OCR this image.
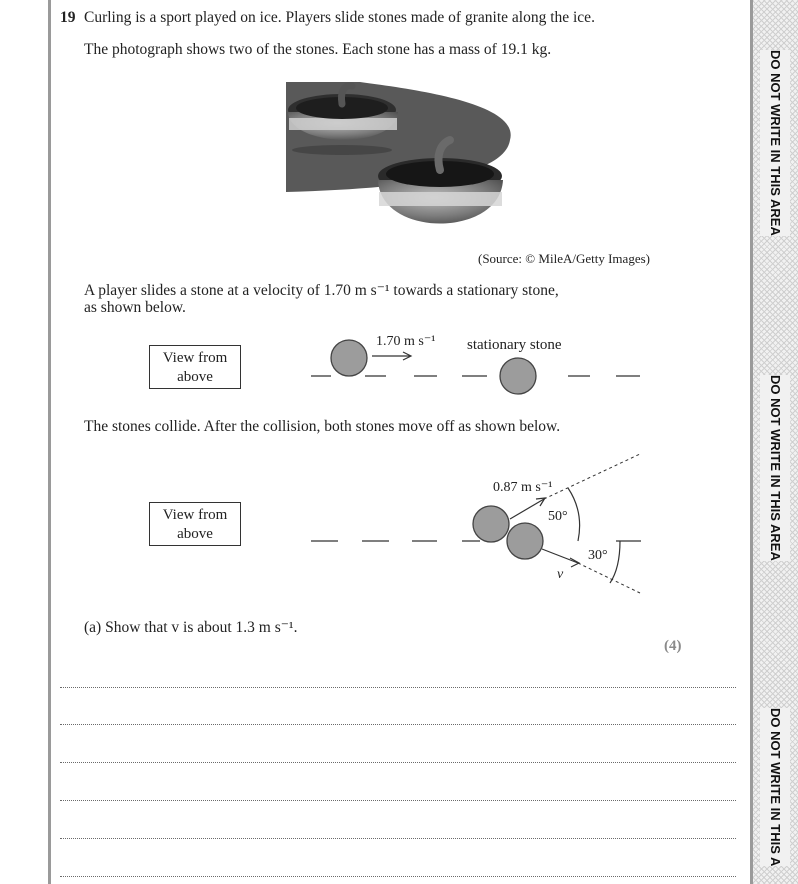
DO NOT WRITE IN THIS AREA
DO NOT WRITE IN THIS AREA
DO NOT WRITE IN THIS A
19 Curling is a sport played on ice. Players slide stones made of granite along the ice.
The photograph shows two of the stones. Each stone has a mass of 19.1 kg.
(Source: © MileA/Getty Images)
A player slides a stone at a velocity of 1.70 m s⁻¹ towards a stationary stone,
as shown below.
View from
above
1.70 m s⁻¹ stationary stone
The stones collide. After the collision, both stones move off as shown below.
View from
above
0.87 m s⁻¹
50°
30°
v
(a) Show that v is about 1.3 m s⁻¹.
(4)
